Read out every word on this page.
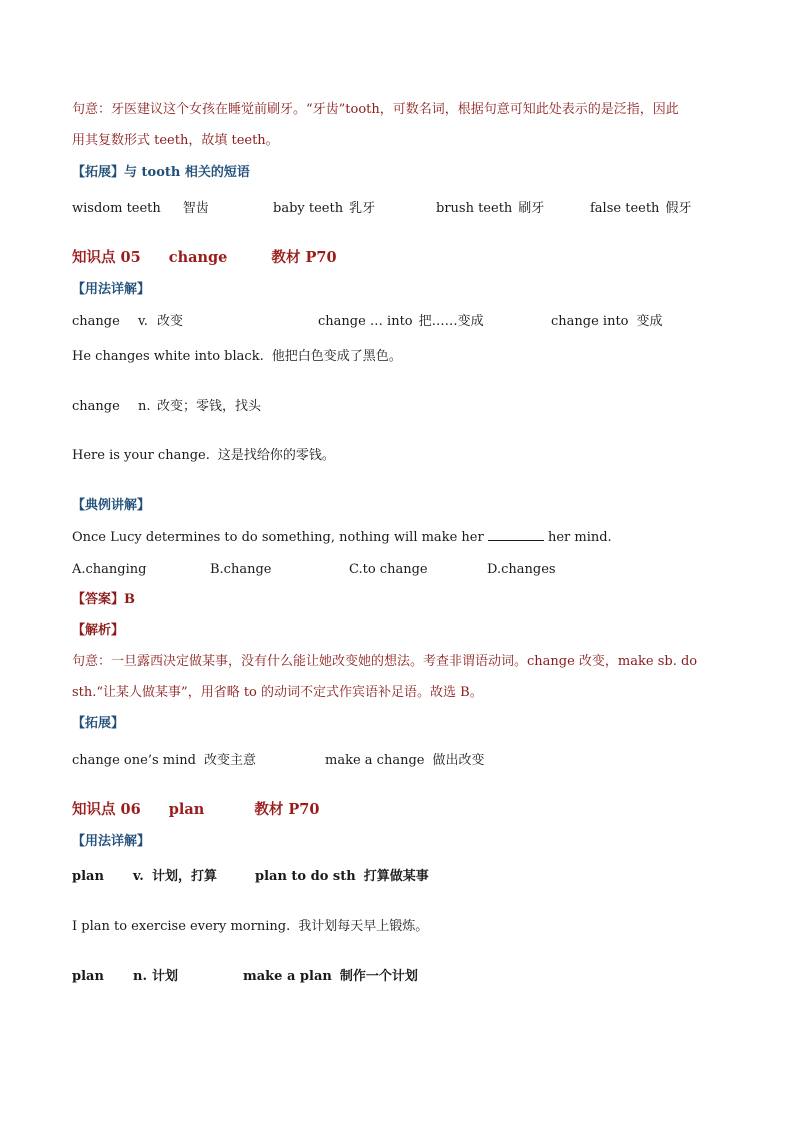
句意：牙医建议这个女孩在睡觉前刷牙。“牙齿”tooth，可数名词，根据句意可知此处表示的是泛指，因此
用其复数形式 teeth，故填 teeth。
【拓展】与 tooth 相关的短语
wisdom teeth 智齿	baby teeth 乳牙	brush teeth 刷牙	false teeth 假牙
知识点 05 change	教材 P70
【用法详解】
change v. 改变	change … into 把……变成	change into 变成
He changes white into black. 他把白色变成了黑色。
change n. 改变；零钱，找头
Here is your change. 这是找给你的零钱。
【典例讲解】
Once Lucy determines to do something, nothing will make her	her mind.
A.changing	B.change	C.to change	D.changes
【答案】B
【解析】
句意：一旦露西决定做某事，没有什么能让她改变她的想法。考查非谓语动词。change 改变，make sb. do
sth.“让某人做某事”，用省略 to 的动词不定式作宾语补足语。故选 B。
【拓展】
change one’s mind 改变主意	make a change 做出改变
知识点 06 plan	教材 P70
【用法详解】
plan v. 计划，打算	plan to do sth 打算做某事
I plan to exercise every morning. 我计划每天早上锻炼。
plan n. 计划	make a plan 制作一个计划
